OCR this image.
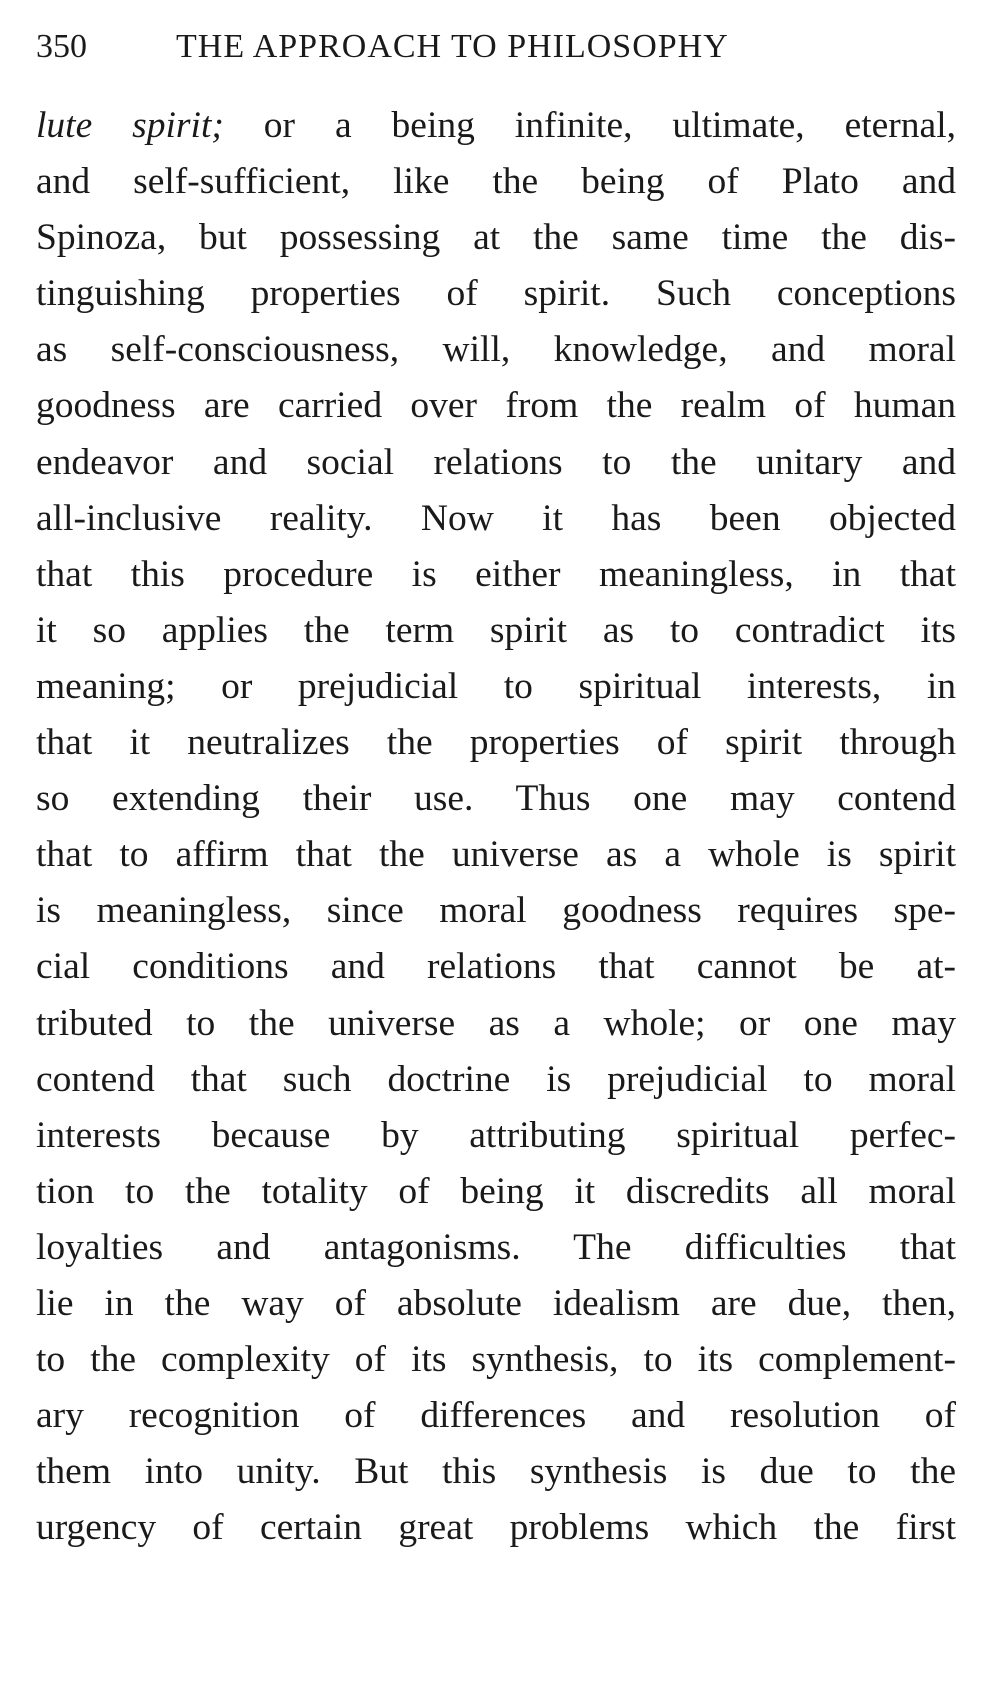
350	THE APPROACH TO PHILOSOPHY
lute spirit; or a being infinite, ultimate, eternal,
and self-sufficient, like the being of Plato and
Spinoza, but possessing at the same time the dis-
tinguishing properties of spirit. Such conceptions
as self-consciousness, will, knowledge, and moral
goodness are carried over from the realm of human
endeavor and social relations to the unitary and
all-inclusive reality. Now it has been objected
that this procedure is either meaningless, in that
it so applies the term spirit as to contradict its
meaning; or prejudicial to spiritual interests, in
that it neutralizes the properties of spirit through
so extending their use. Thus one may contend
that to affirm that the universe as a whole is spirit
is meaningless, since moral goodness requires spe-
cial conditions and relations that cannot be at-
tributed to the universe as a whole; or one may
contend that such doctrine is prejudicial to moral
interests because by attributing spiritual perfec-
tion to the totality of being it discredits all moral
loyalties and antagonisms. The difficulties that
lie in the way of absolute idealism are due, then,
to the complexity of its synthesis, to its complement-
ary recognition of differences and resolution of
them into unity. But this synthesis is due to the
urgency of certain great problems which the first
